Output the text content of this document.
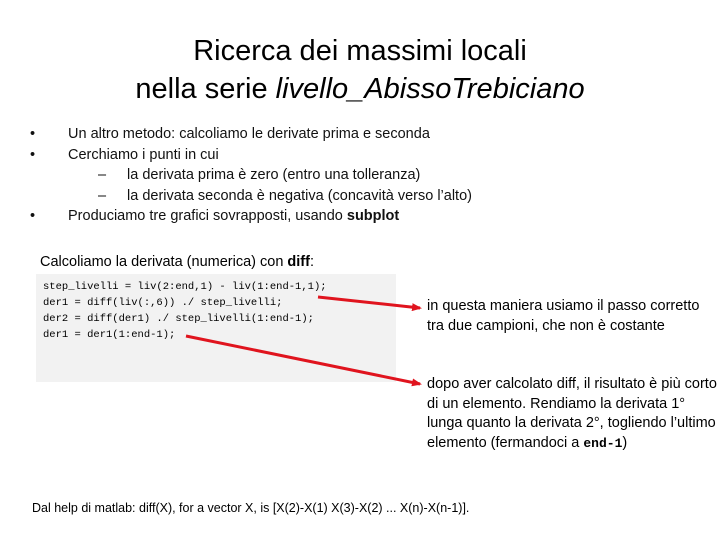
Ricerca dei massimi locali
nella serie livello_AbissoTrebiciano
• Un altro metodo: calcoliamo le derivate prima e seconda
• Cerchiamo i punti in cui
– la derivata prima è zero (entro una tolleranza)
– la derivata seconda è negativa (concavità verso l’alto)
• Produciamo tre grafici sovrapposti, usando subplot
Calcoliamo la derivata (numerica) con diff:
step_livelli = liv(2:end,1) - liv(1:end-1,1);
der1 = diff(liv(:,6)) ./ step_livelli;
der2 = diff(der1) ./ step_livelli(1:end-1);
der1 = der1(1:end-1);
in questa maniera usiamo il passo corretto tra due campioni, che non è costante
dopo aver calcolato diff, il risultato è più corto di un elemento. Rendiamo la derivata 1° lunga quanto la derivata 2°, togliendo l’ultimo elemento (fermandoci a end-1)
Dal help di matlab: diff(X), for a vector X, is [X(2)-X(1) X(3)-X(2) ... X(n)-X(n-1)].
